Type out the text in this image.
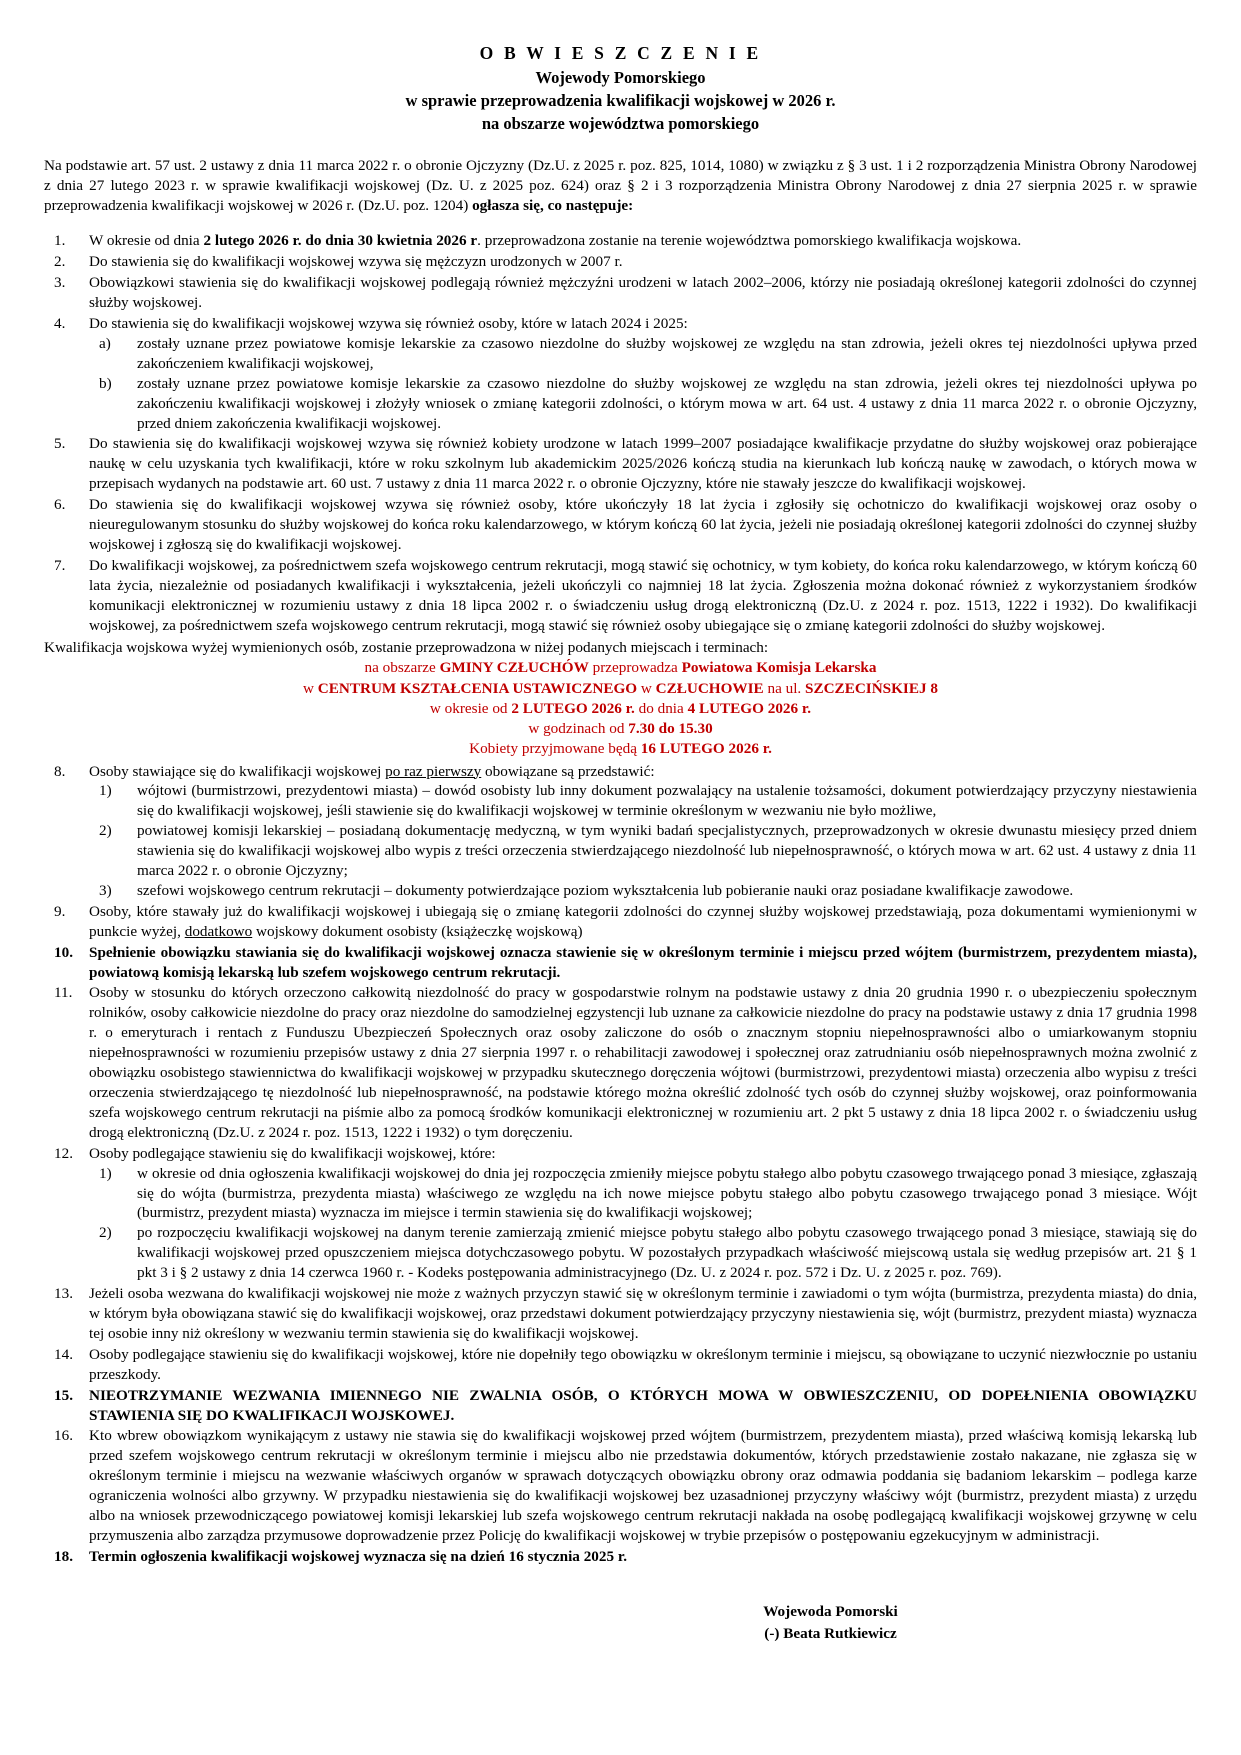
O B W I E S Z C Z E N I E
Wojewody Pomorskiego
w sprawie przeprowadzenia kwalifikacji wojskowej w 2026 r.
na obszarze województwa pomorskiego

Na podstawie art. 57 ust. 2 ustawy z dnia 11 marca 2022 r. o obronie Ojczyzny (Dz.U. z 2025 r. poz. 825, 1014, 1080) w związku z § 3 ust. 1 i 2 rozporządzenia Ministra Obrony Narodowej z dnia 27 lutego 2023 r. w sprawie kwalifikacji wojskowej (Dz. U. z 2025 poz. 624) oraz § 2 i 3 rozporządzenia Ministra Obrony Narodowej z dnia 27 sierpnia 2025 r. w sprawie przeprowadzenia kwalifikacji wojskowej w 2026 r. (Dz.U. poz. 1204) ogłasza się, co następuje:

1.	W okresie od dnia 2 lutego 2026 r. do dnia 30 kwietnia 2026 r. przeprowadzona zostanie na terenie województwa pomorskiego kwalifikacja wojskowa.
2.	Do stawienia się do kwalifikacji wojskowej wzywa się mężczyzn urodzonych w 2007 r.
3.	Obowiązkowi stawienia się do kwalifikacji wojskowej podlegają również mężczyźni urodzeni w latach 2002–2006, którzy nie posiadają określonej kategorii zdolności do czynnej służby wojskowej.
4.	Do stawienia się do kwalifikacji wojskowej wzywa się również osoby, które w latach 2024 i 2025:
a)	zostały uznane przez powiatowe komisje lekarskie za czasowo niezdolne do służby wojskowej ze względu na stan zdrowia, jeżeli okres tej niezdolności upływa przed zakończeniem kwalifikacji wojskowej,
b)	zostały uznane przez powiatowe komisje lekarskie za czasowo niezdolne do służby wojskowej ze względu na stan zdrowia, jeżeli okres tej niezdolności upływa po zakończeniu kwalifikacji wojskowej i złożyły wniosek o zmianę kategorii zdolności, o którym mowa w art. 64 ust. 4 ustawy z dnia 11 marca 2022 r. o obronie Ojczyzny, przed dniem zakończenia kwalifikacji wojskowej.
5.	Do stawienia się do kwalifikacji wojskowej wzywa się również kobiety urodzone w latach 1999–2007 posiadające kwalifikacje przydatne do służby wojskowej oraz pobierające naukę w celu uzyskania tych kwalifikacji, które w roku szkolnym lub akademickim 2025/2026 kończą studia na kierunkach lub kończą naukę w zawodach, o których mowa w przepisach wydanych na podstawie art. 60 ust. 7 ustawy z dnia 11 marca 2022 r. o obronie Ojczyzny, które nie stawały jeszcze do kwalifikacji wojskowej.
6.	Do stawienia się do kwalifikacji wojskowej wzywa się również osoby, które ukończyły 18 lat życia i zgłosiły się ochotniczo do kwalifikacji wojskowej oraz osoby o nieuregulowanym stosunku do służby wojskowej do końca roku kalendarzowego, w którym kończą 60 lat życia, jeżeli nie posiadają określonej kategorii zdolności do czynnej służby wojskowej i zgłoszą się do kwalifikacji wojskowej.
7.	Do kwalifikacji wojskowej, za pośrednictwem szefa wojskowego centrum rekrutacji, mogą stawić się ochotnicy, w tym kobiety, do końca roku kalendarzowego, w którym kończą 60 lata życia, niezależnie od posiadanych kwalifikacji i wykształcenia, jeżeli ukończyli co najmniej 18 lat życia. Zgłoszenia można dokonać również z wykorzystaniem środków komunikacji elektronicznej w rozumieniu ustawy z dnia 18 lipca 2002 r. o świadczeniu usług drogą elektroniczną (Dz.U. z 2024 r. poz. 1513, 1222 i 1932). Do kwalifikacji wojskowej, za pośrednictwem szefa wojskowego centrum rekrutacji, mogą stawić się również osoby ubiegające się o zmianę kategorii zdolności do służby wojskowej.
Kwalifikacja wojskowa wyżej wymienionych osób, zostanie przeprowadzona w niżej podanych miejscach i terminach:
na obszarze GMINY CZŁUCHÓW przeprowadza Powiatowa Komisja Lekarska
w CENTRUM KSZTAŁCENIA USTAWICZNEGO w CZŁUCHOWIE na ul. SZCZECIŃSKIEJ 8
w okresie od 2 LUTEGO 2026 r. do dnia 4 LUTEGO 2026 r.
w godzinach od 7.30 do 15.30
Kobiety przyjmowane będą 16 LUTEGO 2026 r.
8.	Osoby stawiające się do kwalifikacji wojskowej po raz pierwszy obowiązane są przedstawić:
1)	wójtowi (burmistrzowi, prezydentowi miasta) – dowód osobisty lub inny dokument pozwalający na ustalenie tożsamości, dokument potwierdzający przyczyny niestawienia się do kwalifikacji wojskowej, jeśli stawienie się do kwalifikacji wojskowej w terminie określonym w wezwaniu nie było możliwe,
2)	powiatowej komisji lekarskiej – posiadaną dokumentację medyczną, w tym wyniki badań specjalistycznych, przeprowadzonych w okresie dwunastu miesięcy przed dniem stawienia się do kwalifikacji wojskowej albo wypis z treści orzeczenia stwierdzającego niezdolność lub niepełnosprawność, o których mowa w art. 62 ust. 4 ustawy z dnia 11 marca 2022 r. o obronie Ojczyzny;
3)	szefowi wojskowego centrum rekrutacji – dokumenty potwierdzające poziom wykształcenia lub pobieranie nauki oraz posiadane kwalifikacje zawodowe.
9.	Osoby, które stawały już do kwalifikacji wojskowej i ubiegają się o zmianę kategorii zdolności do czynnej służby wojskowej przedstawiają, poza dokumentami wymienionymi w punkcie wyżej, dodatkowo wojskowy dokument osobisty (książeczkę wojskową)
10.	Spełnienie obowiązku stawiania się do kwalifikacji wojskowej oznacza stawienie się w określonym terminie i miejscu przed wójtem (burmistrzem, prezydentem miasta), powiatową komisją lekarską lub szefem wojskowego centrum rekrutacji.
11.	Osoby w stosunku do których orzeczono całkowitą niezdolność do pracy w gospodarstwie rolnym na podstawie ustawy z dnia 20 grudnia 1990 r. o ubezpieczeniu społecznym rolników, osoby całkowicie niezdolne do pracy oraz niezdolne do samodzielnej egzystencji lub uznane za całkowicie niezdolne do pracy na podstawie ustawy z dnia 17 grudnia 1998 r. o emeryturach i rentach z Funduszu Ubezpieczeń Społecznych oraz osoby zaliczone do osób o znacznym stopniu niepełnosprawności albo o umiarkowanym stopniu niepełnosprawności w rozumieniu przepisów ustawy z dnia 27 sierpnia 1997 r. o rehabilitacji zawodowej i społecznej oraz zatrudnianiu osób niepełnosprawnych można zwolnić z obowiązku osobistego stawiennictwa do kwalifikacji wojskowej w przypadku skutecznego doręczenia wójtowi (burmistrzowi, prezydentowi miasta) orzeczenia albo wypisu z treści orzeczenia stwierdzającego tę niezdolność lub niepełnosprawność, na podstawie którego można określić zdolność tych osób do czynnej służby wojskowej, oraz poinformowania szefa wojskowego centrum rekrutacji na piśmie albo za pomocą środków komunikacji elektronicznej w rozumieniu art. 2 pkt 5 ustawy z dnia 18 lipca 2002 r. o świadczeniu usług drogą elektroniczną (Dz.U. z 2024 r. poz. 1513, 1222 i 1932) o tym doręczeniu.
12.	Osoby podlegające stawieniu się do kwalifikacji wojskowej, które:
1)	w okresie od dnia ogłoszenia kwalifikacji wojskowej do dnia jej rozpoczęcia zmieniły miejsce pobytu stałego albo pobytu czasowego trwającego ponad 3 miesiące, zgłaszają się do wójta (burmistrza, prezydenta miasta) właściwego ze względu na ich nowe miejsce pobytu stałego albo pobytu czasowego trwającego ponad 3 miesiące. Wójt (burmistrz, prezydent miasta) wyznacza im miejsce i termin stawienia się do kwalifikacji wojskowej;
2)	po rozpoczęciu kwalifikacji wojskowej na danym terenie zamierzają zmienić miejsce pobytu stałego albo pobytu czasowego trwającego ponad 3 miesiące, stawiają się do kwalifikacji wojskowej przed opuszczeniem miejsca dotychczasowego pobytu. W pozostałych przypadkach właściwość miejscową ustala się według przepisów art. 21 § 1 pkt 3 i § 2 ustawy z dnia 14 czerwca 1960 r. - Kodeks postępowania administracyjnego (Dz. U. z 2024 r. poz. 572 i Dz. U. z 2025 r. poz. 769).
13.	Jeżeli osoba wezwana do kwalifikacji wojskowej nie może z ważnych przyczyn stawić się w określonym terminie i zawiadomi o tym wójta (burmistrza, prezydenta miasta) do dnia, w którym była obowiązana stawić się do kwalifikacji wojskowej, oraz przedstawi dokument potwierdzający przyczyny niestawienia się, wójt (burmistrz, prezydent miasta) wyznacza tej osobie inny niż określony w wezwaniu termin stawienia się do kwalifikacji wojskowej.
14.	Osoby podlegające stawieniu się do kwalifikacji wojskowej, które nie dopełniły tego obowiązku w określonym terminie i miejscu, są obowiązane to uczynić niezwłocznie po ustaniu przeszkody.
15.	NIEOTRZYMANIE WEZWANIA IMIENNEGO NIE ZWALNIA OSÓB, O KTÓRYCH MOWA W OBWIESZCZENIU, OD DOPEŁNIENIA OBOWIĄZKU STAWIENIA SIĘ DO KWALIFIKACJI WOJSKOWEJ.
16.	Kto wbrew obowiązkom wynikającym z ustawy nie stawia się do kwalifikacji wojskowej przed wójtem (burmistrzem, prezydentem miasta), przed właściwą komisją lekarską lub przed szefem wojskowego centrum rekrutacji w określonym terminie i miejscu albo nie przedstawia dokumentów, których przedstawienie zostało nakazane, nie zgłasza się w określonym terminie i miejscu na wezwanie właściwych organów w sprawach dotyczących obowiązku obrony oraz odmawia poddania się badaniom lekarskim – podlega karze ograniczenia wolności albo grzywny. W przypadku niestawienia się do kwalifikacji wojskowej bez uzasadnionej przyczyny właściwy wójt (burmistrz, prezydent miasta) z urzędu albo na wniosek przewodniczącego powiatowej komisji lekarskiej lub szefa wojskowego centrum rekrutacji nakłada na osobę podlegającą kwalifikacji wojskowej grzywnę w celu przymuszenia albo zarządza przymusowe doprowadzenie przez Policję do kwalifikacji wojskowej w trybie przepisów o postępowaniu egzekucyjnym w administracji.
18.	Termin ogłoszenia kwalifikacji wojskowej wyznacza się na dzień 16 stycznia 2025 r.
Wojewoda Pomorski
(-) Beata Rutkiewicz
